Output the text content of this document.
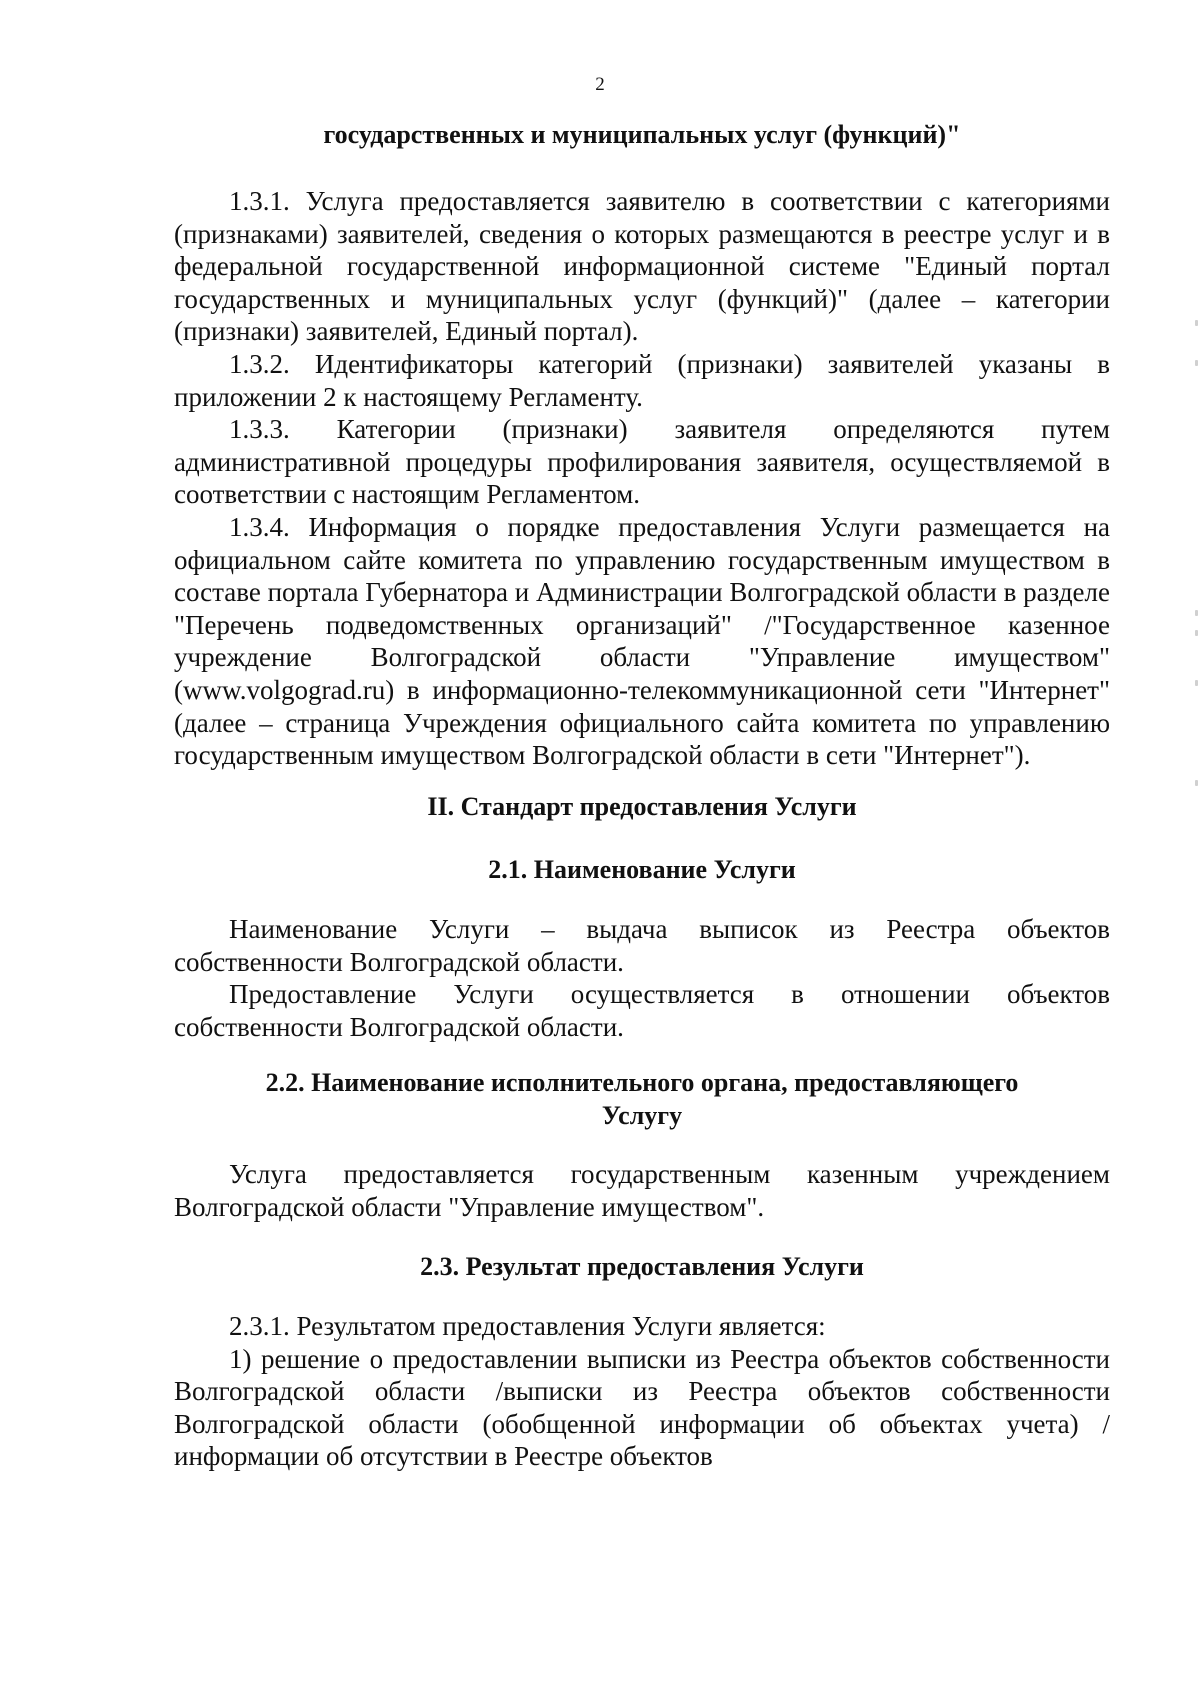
2

государственных и муниципальных услуг (функций)"

1.3.1. Услуга предоставляется заявителю в соответствии с категориями (признаками) заявителей, сведения о которых размещаются в реестре услуг и в федеральной государственной информационной системе "Единый портал государственных и муниципальных услуг (функций)" (далее – категории (признаки) заявителей, Единый портал).

1.3.2. Идентификаторы категорий (признаки) заявителей указаны в приложении 2 к настоящему Регламенту.

1.3.3. Категории (признаки) заявителя определяются путем административной процедуры профилирования заявителя, осуществляемой в соответствии с настоящим Регламентом.

1.3.4. Информация о порядке предоставления Услуги размещается на официальном сайте комитета по управлению государственным имуществом в составе портала Губернатора и Администрации Волгоградской области в разделе "Перечень подведомственных организаций" /"Государственное казенное учреждение Волгоградской области "Управление имуществом" (www.volgograd.ru) в информационно-телекоммуникационной сети "Интернет" (далее – страница Учреждения официального сайта комитета по управлению государственным имуществом Волгоградской области в сети "Интернет").

II. Стандарт предоставления Услуги

2.1. Наименование Услуги

Наименование Услуги – выдача выписок из Реестра объектов собственности Волгоградской области.

Предоставление Услуги осуществляется в отношении объектов собственности Волгоградской области.

2.2. Наименование исполнительного органа, предоставляющего

Услугу

Услуга предоставляется государственным казенным учреждением Волгоградской области "Управление имуществом".

2.3. Результат предоставления Услуги

2.3.1. Результатом предоставления Услуги является:

1) решение о предоставлении выписки из Реестра объектов собственности Волгоградской области /выписки из Реестра объектов собственности Волгоградской области (обобщенной информации об объектах учета) /информации об отсутствии в Реестре объектов
